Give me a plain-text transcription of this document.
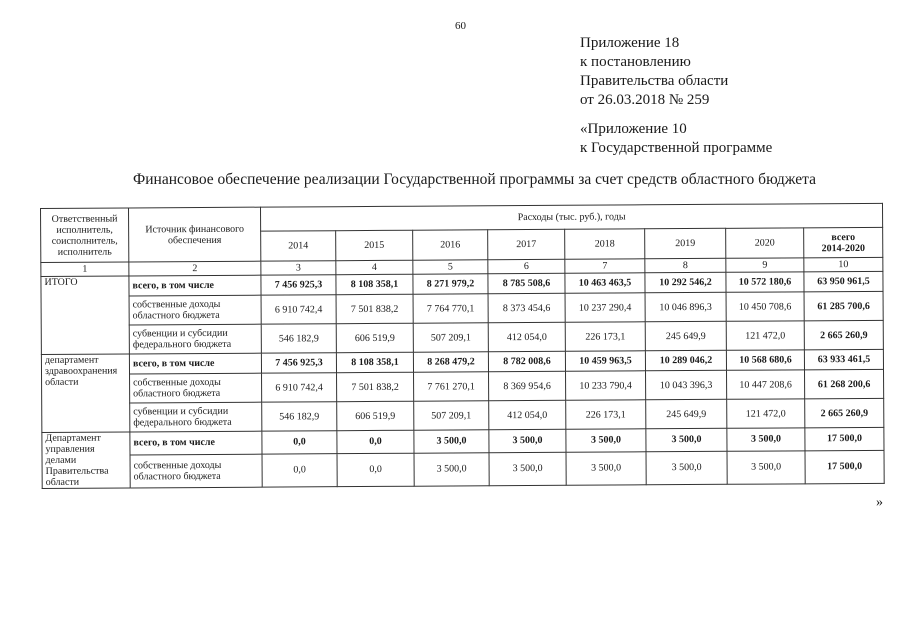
60
Приложение 18
к постановлению
Правительства области
от 26.03.2018 № 259
«Приложение 10
к Государственной программе
Финансовое обеспечение реализации Государственной программы за счет средств областного бюджета
Ответственный исполнитель, соисполнитель, исполнитель	Источник финансового обеспечения	Расходы (тыс. руб.), годы							
		2014	2015	2016	2017	2018	2019	2020	всего
2014-2020

1	2	3	4	5	6	7	8	9	10
ИТОГО	всего, в том числе	7 456 925,3	8 108 358,1	8 271 979,2	8 785 508,6	10 463 463,5	10 292 546,2	10 572 180,6	63 950 961,5
	собственные доходы областного бюджета	6 910 742,4	7 501 838,2	7 764 770,1	8 373 454,6	10 237 290,4	10 046 896,3	10 450 708,6	61 285 700,6
	субвенции и субсидии федерального бюджета	546 182,9	606 519,9	507 209,1	412 054,0	226 173,1	245 649,9	121 472,0	2 665 260,9
департамент здравоохранения области	всего, в том числе	7 456 925,3	8 108 358,1	8 268 479,2	8 782 008,6	10 459 963,5	10 289 046,2	10 568 680,6	63 933 461,5
	собственные доходы областного бюджета	6 910 742,4	7 501 838,2	7 761 270,1	8 369 954,6	10 233 790,4	10 043 396,3	10 447 208,6	61 268 200,6
	субвенции и субсидии федерального бюджета	546 182,9	606 519,9	507 209,1	412 054,0	226 173,1	245 649,9	121 472,0	2 665 260,9
Департамент управления делами Правительства области	всего, в том числе	0,0	0,0	3 500,0	3 500,0	3 500,0	3 500,0	3 500,0	17 500,0
	собственные доходы областного бюджета	0,0	0,0	3 500,0	3 500,0	3 500,0	3 500,0	3 500,0	17 500,0
»
